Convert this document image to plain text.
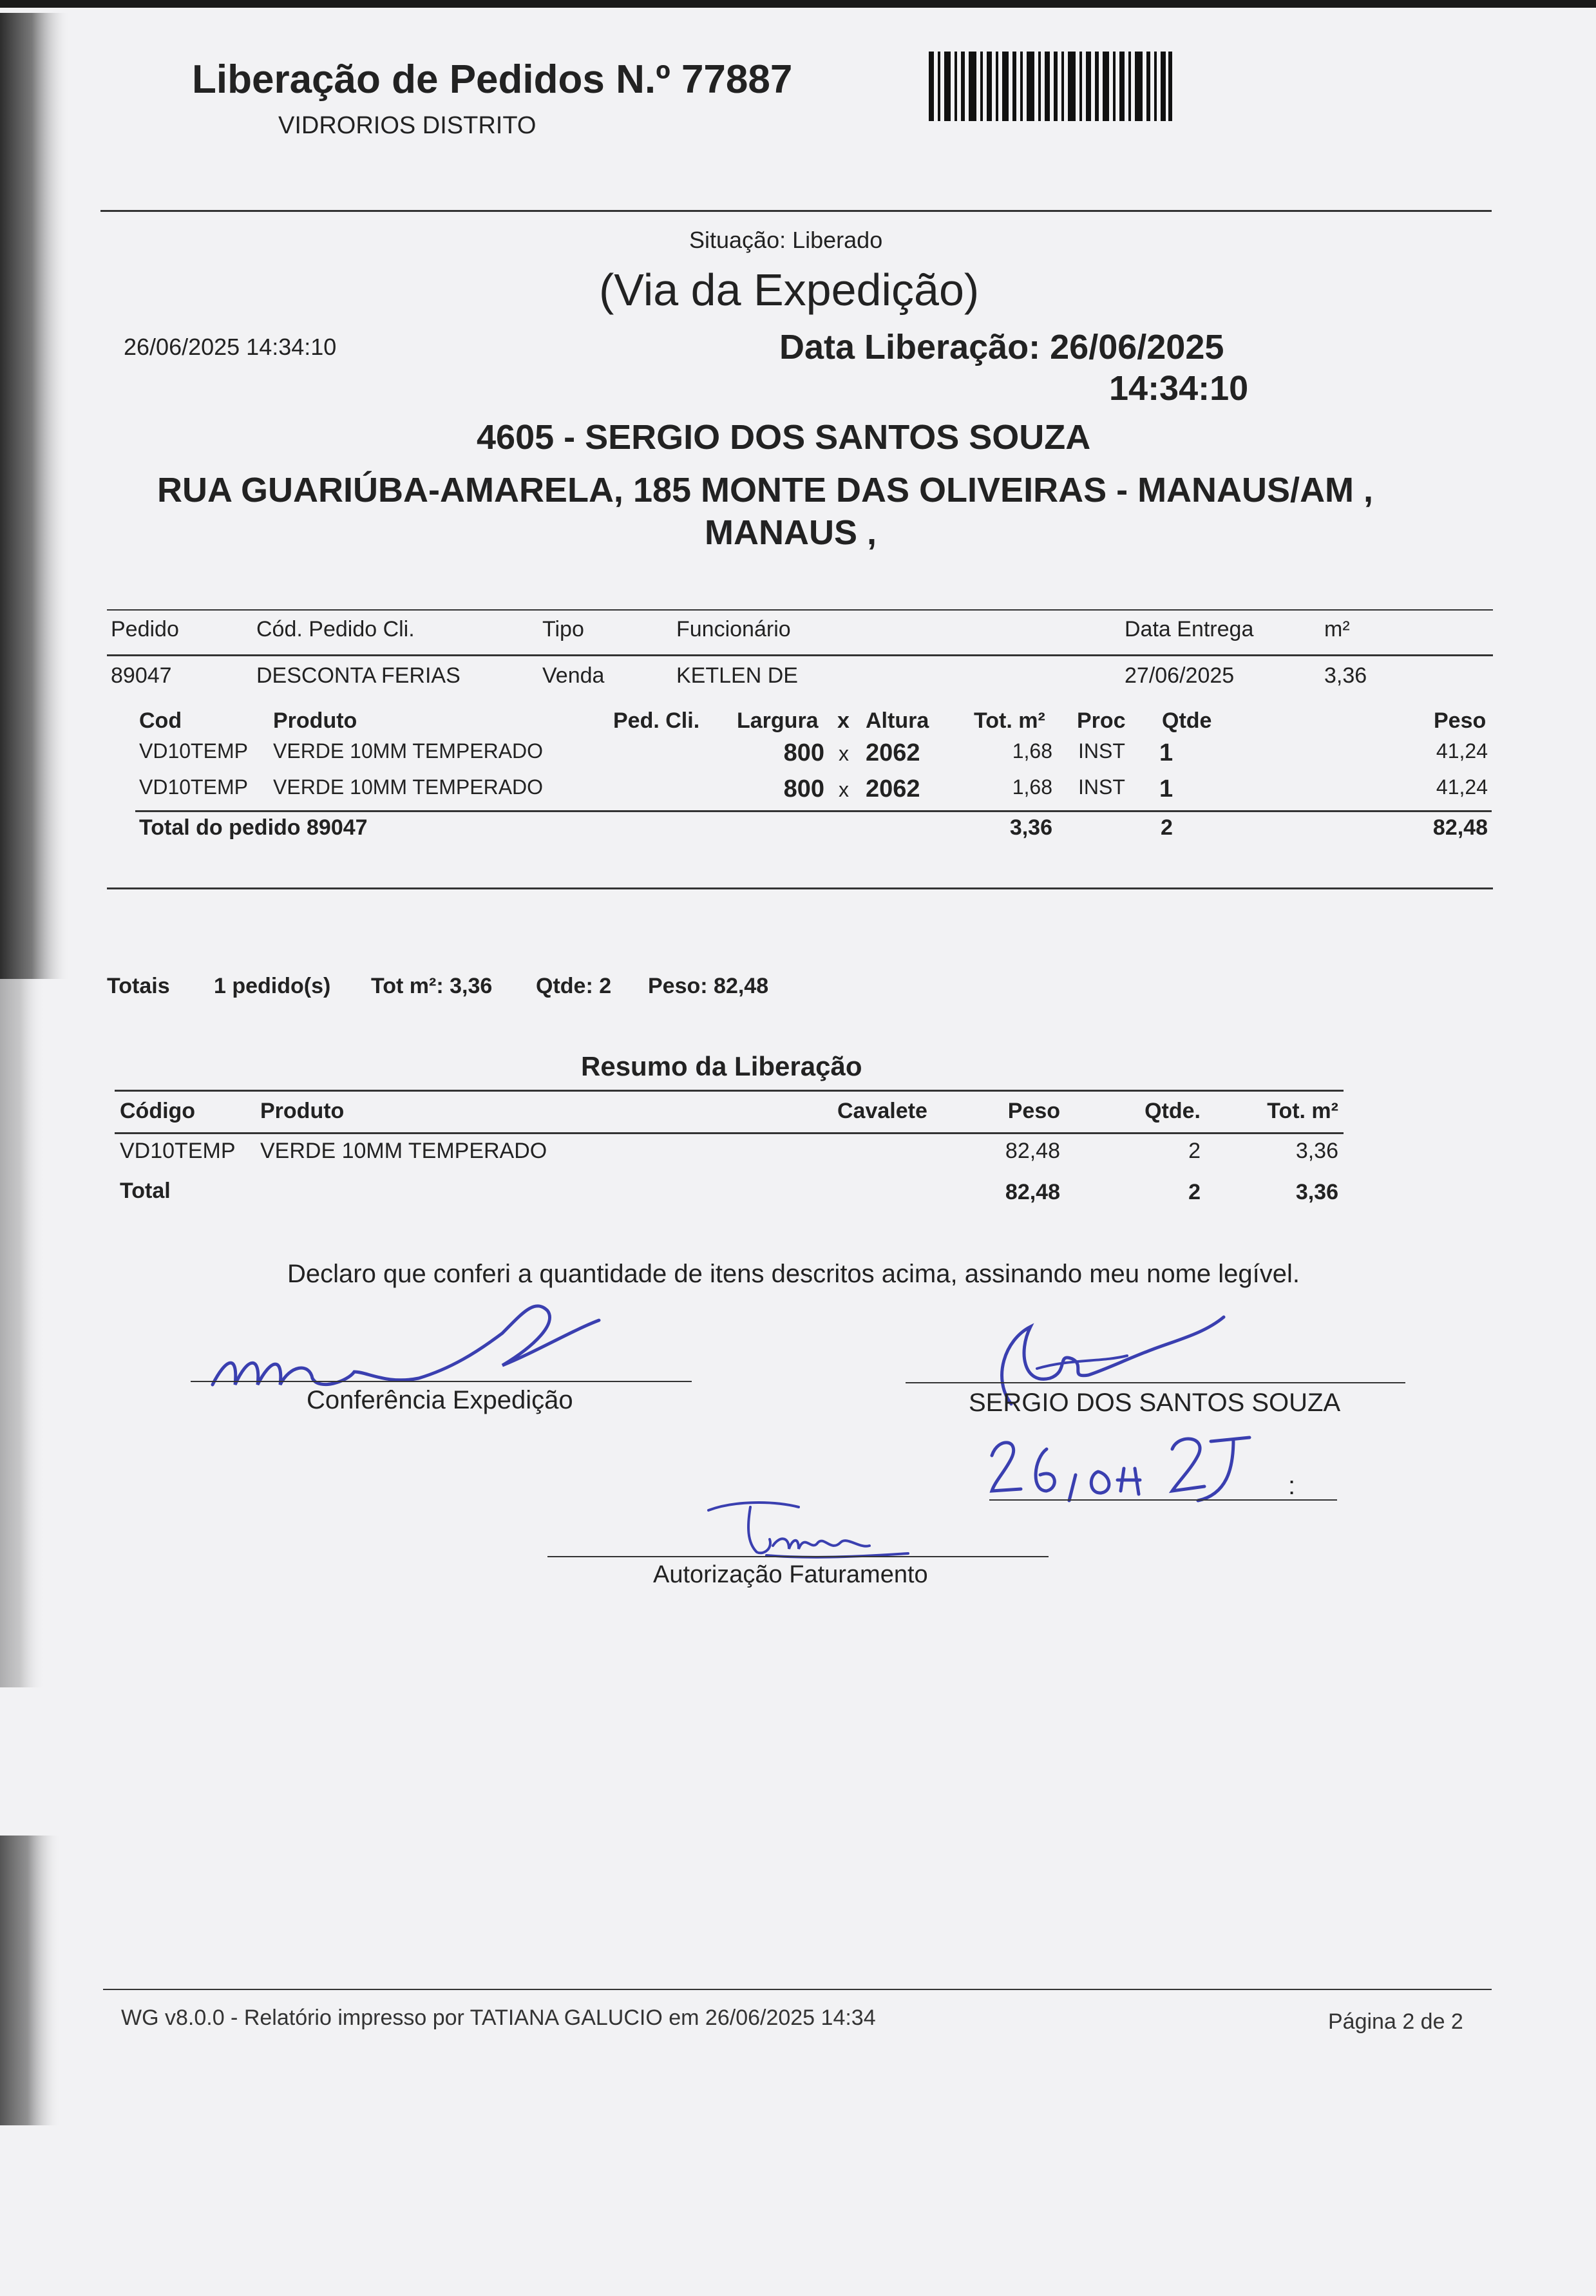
Liberação de Pedidos N.º 77887
VIDRORIOS DISTRITO
Situação: Liberado
(Via da Expedição)
26/06/2025 14:34:10	Data Liberação: 26/06/2025
14:34:10
4605 - SERGIO DOS SANTOS SOUZA
RUA GUARIÚBA-AMARELA, 185 MONTE DAS OLIVEIRAS - MANAUS/AM ,
MANAUS ,
Pedido	Cód. Pedido Cli.	Tipo	Funcionário	Data Entrega	m²
89047	DESCONTA FERIAS	Venda	KETLEN DE	27/06/2025	3,36
Cod	Produto	Ped. Cli. Largura x Altura Tot. m² Proc Qtde	Peso
VD10TEMP VERDE 10MM TEMPERADO	800 x 2062	1,68 INST 1	41,24
VD10TEMP VERDE 10MM TEMPERADO	800 x 2062	1,68 INST 1	41,24
Total do pedido 89047	3,36	2	82,48
Totais 1 pedido(s) Tot m²: 3,36 Qtde: 2 Peso: 82,48
Resumo da Liberação
Código	Produto	Cavalete	Peso	Qtde.	Tot. m²
VD10TEMP VERDE 10MM TEMPERADO	82,48	2	3,36
Total	82,48	2	3,36
Declaro que conferi a quantidade de itens descritos acima, assinando meu nome legível.
Conferência Expedição	SERGIO DOS SANTOS SOUZA
:
Autorização Faturamento
WG v8.0.0 - Relatório impresso por TATIANA GALUCIO em 26/06/2025 14:34	Página 2 de 2
